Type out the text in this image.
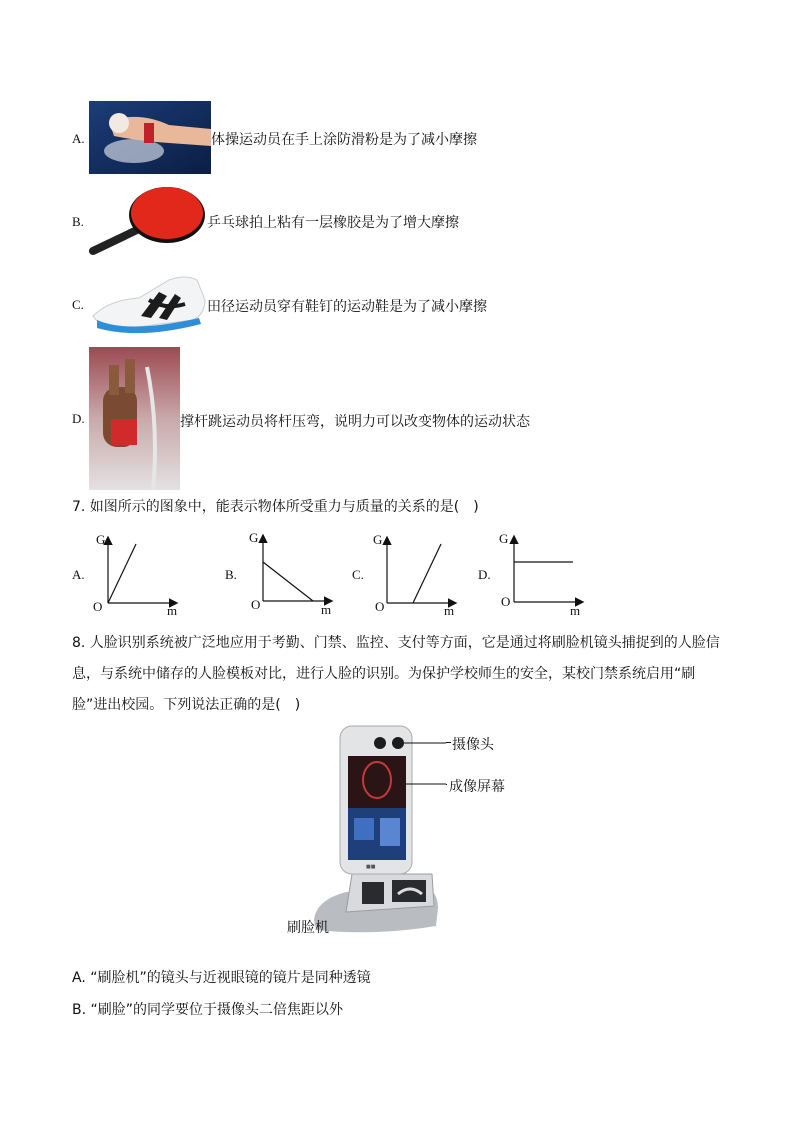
A.	体操运动员在手上涂防滑粉是为了减小摩擦
B.	乒乓球拍上粘有一层橡胶是为了增大摩擦
C.	田径运动员穿有鞋钉的运动鞋是为了减小摩擦
D.	撑杆跳运动员将杆压弯，说明力可以改变物体的运动状态
7. 如图所示的图象中，能表示物体所受重力与质量的关系的是(　)
A.
G
O	m
B.
G
O	m
C.
G
O	m
D.
G
O
m
8. 人脸识别系统被广泛地应用于考勤、门禁、监控、支付等方面，它是通过将刷脸机镜头捕捉到的人脸信
息，与系统中储存的人脸模板对比，进行人脸的识别。为保护学校师生的安全，某校门禁系统启用“刷
脸”进出校园。下列说法正确的是(　)
■■
摄像头
成像屏幕
刷脸机
A. “刷脸机”的镜头与近视眼镜的镜片是同种透镜
B. “刷脸”的同学要位于摄像头二倍焦距以外
